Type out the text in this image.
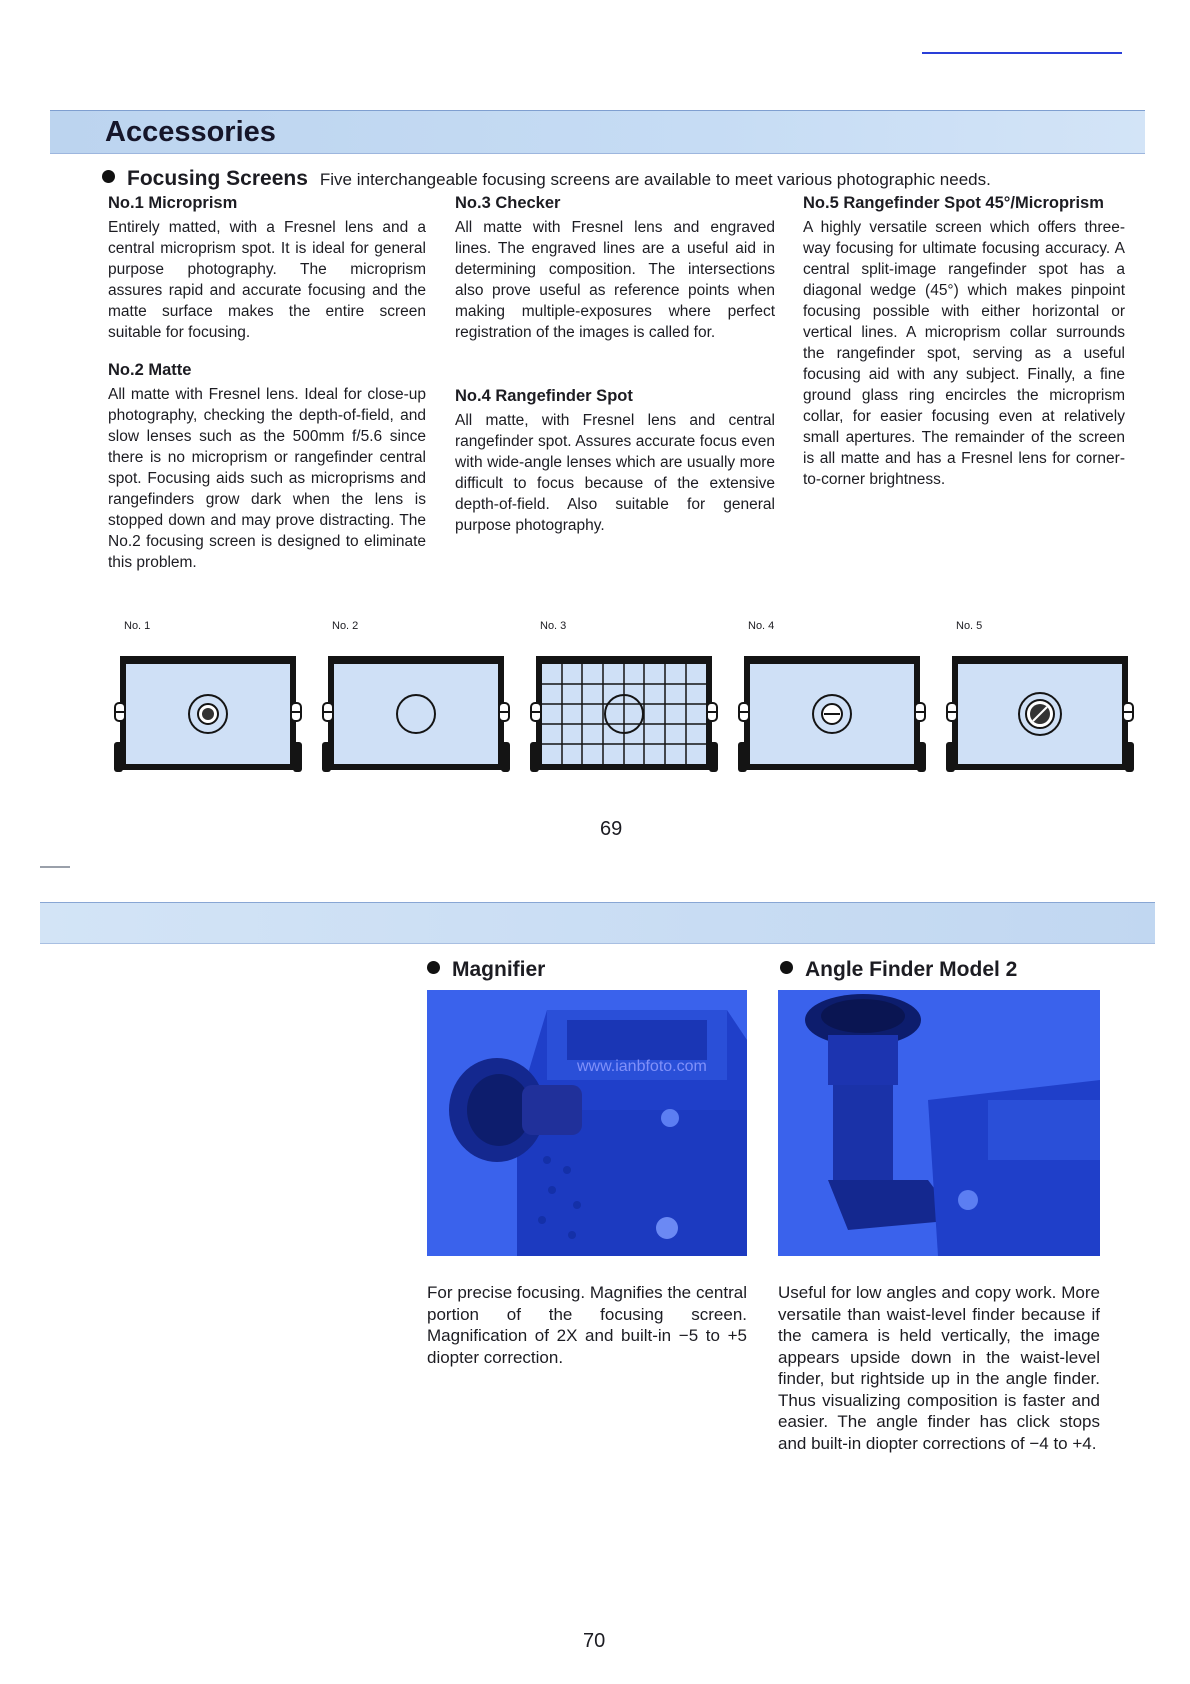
Accessories
Focusing Screens Five interchangeable focusing screens are available to meet various photographic needs.
No.1 Microprism

Entirely matted, with a Fresnel lens and a central microprism spot. It is ideal for general purpose photography. The microprism assures rapid and accurate focusing and the matte surface makes the entire screen suitable for focusing.

No.2 Matte

All matte with Fresnel lens. Ideal for close-up photography, checking the depth-of-field, and slow lenses such as the 500mm f/5.6 since there is no microprism or rangefinder central spot. Focusing aids such as microprisms and rangefinders grow dark when the lens is stopped down and may prove distracting. The No.2 focusing screen is designed to eliminate this problem.

No.3 Checker

All matte with Fresnel lens and engraved lines. The engraved lines are a useful aid in determining composition. The intersections also prove useful as reference points when making multiple-exposures where perfect registration of the images is called for.

No.4 Rangefinder Spot

All matte, with Fresnel lens and central rangefinder spot. Assures accurate focus even with wide-angle lenses which are usually more difficult to focus because of the extensive depth-of-field. Also suitable for general purpose photography.

No.5 Rangefinder Spot 45°/Microprism

A highly versatile screen which offers three-way focusing for ultimate focusing accuracy. A central split-image rangefinder spot has a diagonal wedge (45°) which makes pinpoint focusing possible with either horizontal or vertical lines. A microprism collar surrounds the rangefinder spot, serving as a useful focusing aid with any subject. Finally, a fine ground glass ring encircles the microprism collar, for easier focusing even at relatively small apertures. The remainder of the screen is all matte and has a Fresnel lens for corner-to-corner brightness.

No. 1	No. 2	No. 3	No. 4	No. 5
69
Magnifier	Angle Finder Model 2
www.ianbfoto.com
For precise focusing. Magnifies the central portion of the focusing screen. Magnification of 2X and built-in −5 to +5 diopter correction.
Useful for low angles and copy work. More versatile than waist-level finder because if the camera is held vertically, the image appears upside down in the waist-level finder, but rightside up in the angle finder. Thus visualizing composition is faster and easier. The angle finder has click stops and built-in diopter corrections of −4 to +4.
70
